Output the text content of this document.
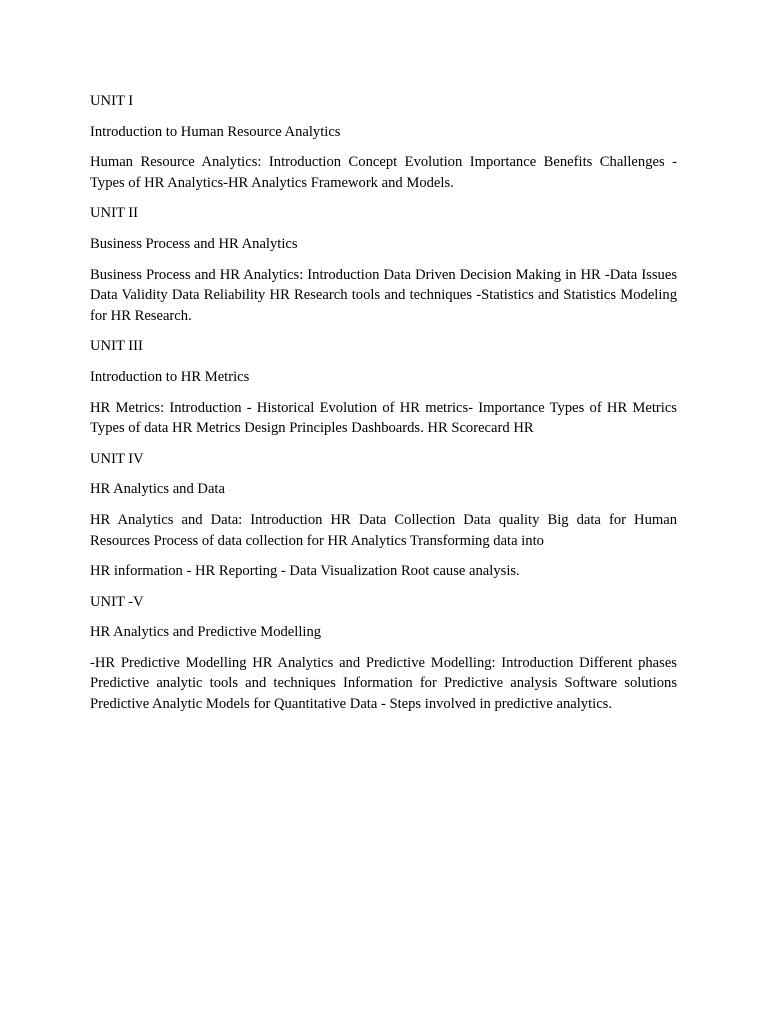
UNIT I

Introduction to Human Resource Analytics

Human Resource Analytics: Introduction Concept Evolution Importance Benefits Challenges - Types of HR Analytics-HR Analytics Framework and Models.

UNIT II

Business Process and HR Analytics

Business Process and HR Analytics: Introduction Data Driven Decision Making in HR -Data Issues Data Validity Data Reliability HR Research tools and techniques -Statistics and Statistics Modeling for HR Research.

UNIT III

Introduction to HR Metrics

HR Metrics: Introduction - Historical Evolution of HR metrics- Importance Types of HR Metrics Types of data HR Metrics Design Principles Dashboards. HR Scorecard HR

UNIT IV

HR Analytics and Data

HR Analytics and Data: Introduction HR Data Collection Data quality Big data for Human Resources Process of data collection for HR Analytics Transforming data into

HR information - HR Reporting - Data Visualization Root cause analysis.

UNIT -V

HR Analytics and Predictive Modelling

-HR Predictive Modelling HR Analytics and Predictive Modelling: Introduction Different phases Predictive analytic tools and techniques Information for Predictive analysis Software solutions Predictive Analytic Models for Quantitative Data - Steps involved in predictive analytics.
